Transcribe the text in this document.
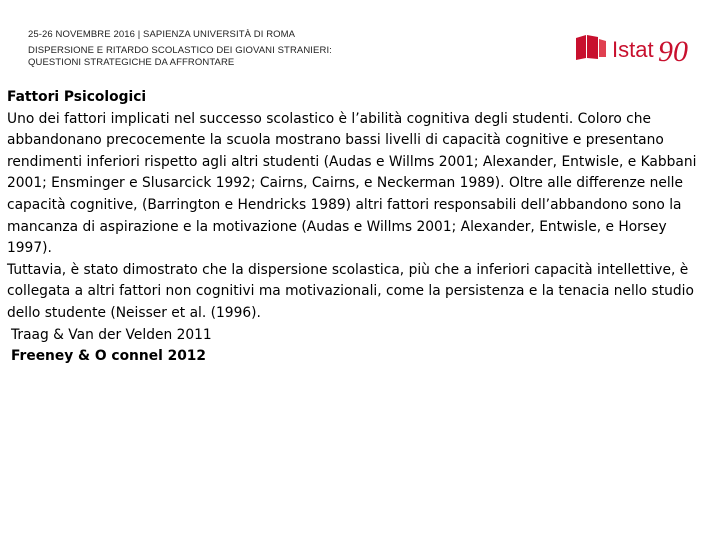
25-26 NOVEMBRE 2016 | SAPIENZA UNIVERSITÀ DI ROMA
DISPERSIONE E RITARDO SCOLASTICO DEI GIOVANI STRANIERI:
QUESTIONI STRATEGICHE DA AFFRONTARE
Istat 90

Fattori Psicologici

Uno dei fattori implicati nel successo scolastico è l’abilità cognitiva degli studenti. Coloro che abbandonano precocemente la scuola mostrano bassi livelli di capacità cognitive e presentano rendimenti inferiori rispetto agli altri studenti (Audas e Willms 2001; Alexander, Entwisle, e Kabbani 2001; Ensminger e Slusarcick 1992; Cairns, Cairns, e Neckerman 1989). Oltre alle differenze nelle capacità cognitive, (Barrington e Hendricks 1989) altri fattori responsabili dell’abbandono sono la mancanza di aspirazione e la motivazione (Audas e Willms 2001; Alexander, Entwisle, e Horsey 1997).

Tuttavia, è stato dimostrato che la dispersione scolastica, più che a inferiori capacità intellettive, è collegata a altri fattori non cognitivi ma motivazionali, come la persistenza e la tenacia nello studio dello studente (Neisser et al. (1996).

Traag & Van der Velden 2011

Freeney & O connel 2012
